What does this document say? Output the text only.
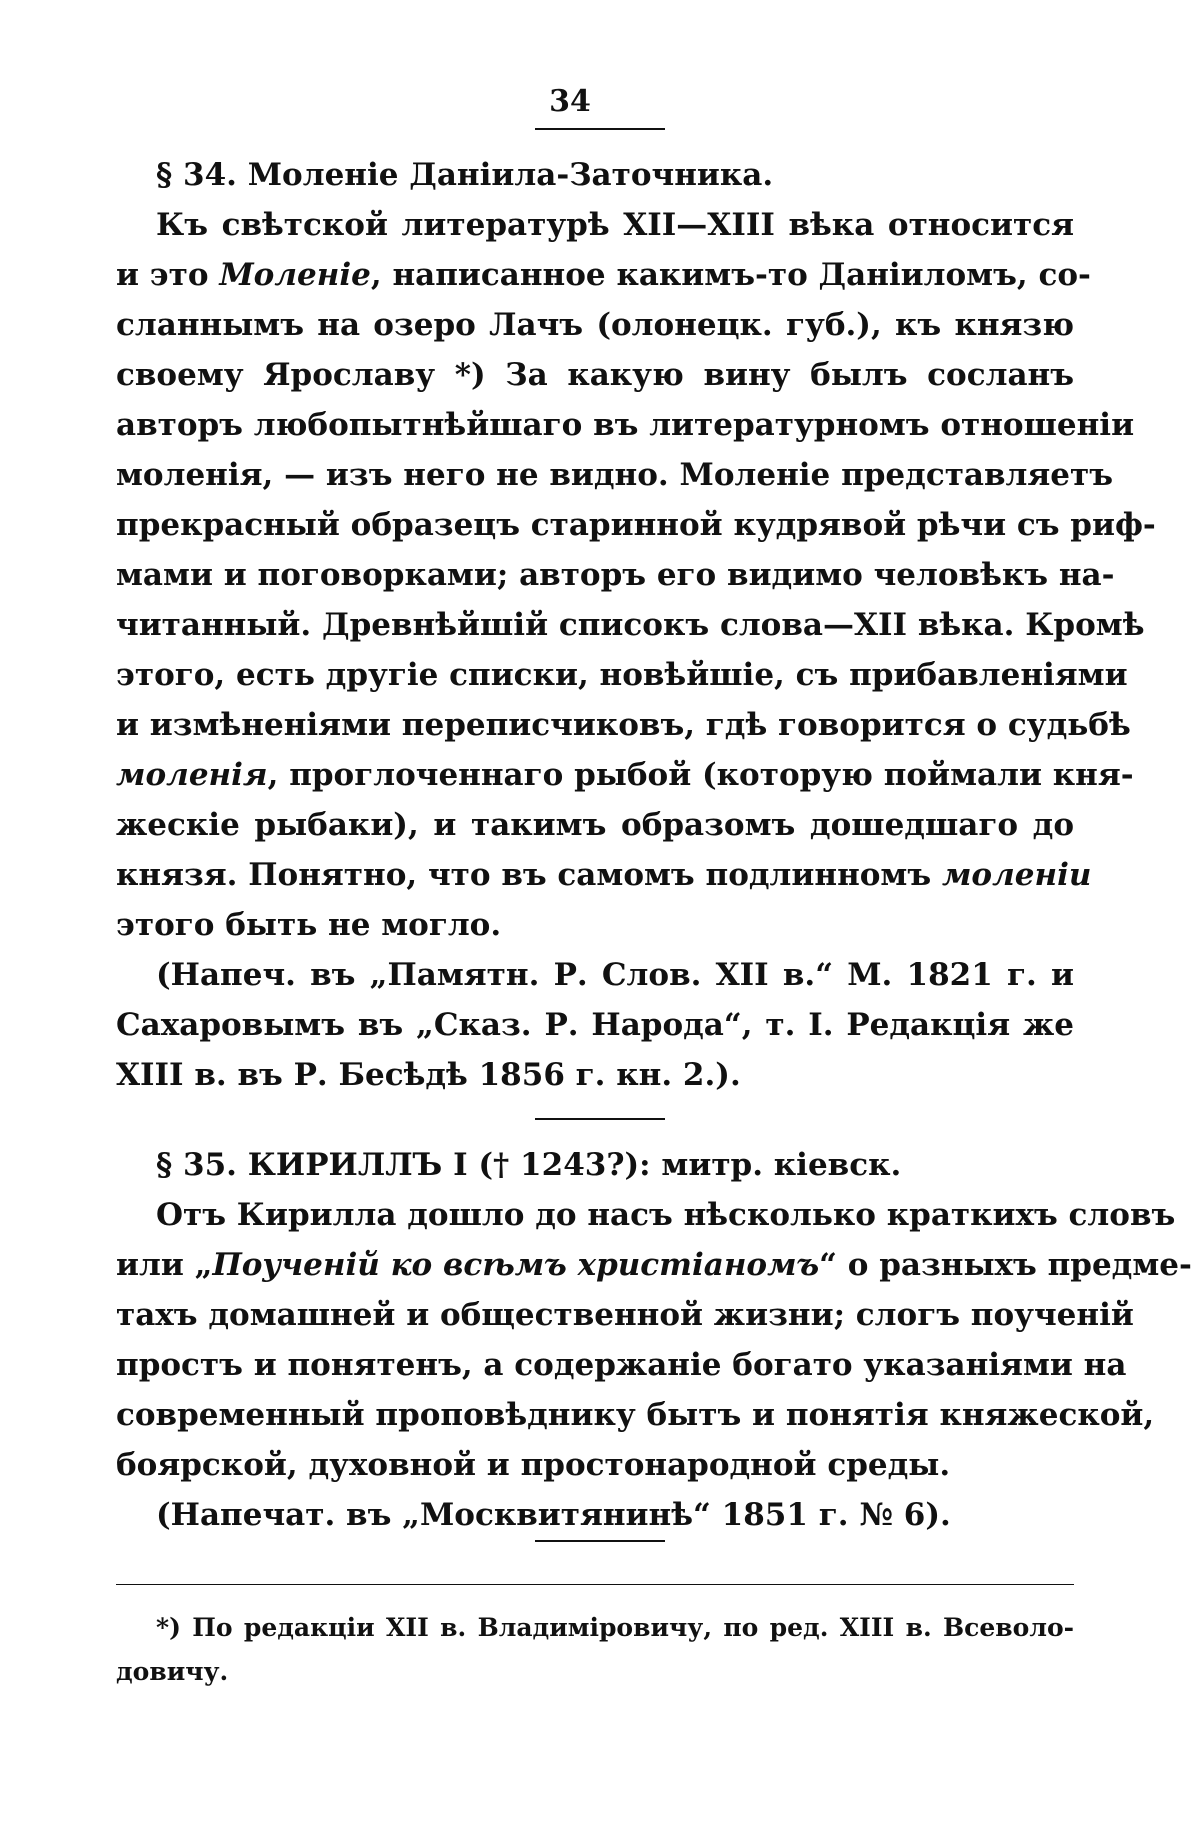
34
§ 34. Моленіе Даніила-Заточника.
Къ свѣтской литературѣ XII—XIII вѣка относится
и это Моленіе, написанное какимъ-то Даніиломъ, со-
сланнымъ на озеро Лачъ (олонецк. губ.), къ князю
своему Ярославу *) За какую вину былъ сосланъ
авторъ любопытнѣйшаго въ литературномъ отношеніи
моленія, — изъ него не видно. Моленіе представляетъ
прекрасный образецъ старинной кудрявой рѣчи съ риф-
мами и поговорками; авторъ его видимо человѣкъ на-
читанный. Древнѣйшій списокъ слова—XII вѣка. Кромѣ
этого, есть другіе списки, новѣйшіе, съ прибавленіями
и измѣненіями переписчиковъ, гдѣ говорится о судьбѣ
моленія, проглоченнаго рыбой (которую поймали кня-
жескіе рыбаки), и такимъ образомъ дошедшаго до
князя. Понятно, что въ самомъ подлинномъ моленіи
этого быть не могло.
(Напеч. въ „Памятн. Р. Слов. XII в.“ М. 1821 г. и
Сахаровымъ въ „Сказ. Р. Народа“, т. I. Редакція же
XIII в. въ Р. Бесѣдѣ 1856 г. кн. 2.).
§ 35. КИРИЛЛЪ I († 1243?): митр. кіевск.
Отъ Кирилла дошло до насъ нѣсколько краткихъ словъ
или „Поученій ко всѣмъ христіаномъ“ о разныхъ предме-
тахъ домашней и общественной жизни; слогъ поученій
простъ и понятенъ, а содержаніе богато указаніями на
современный проповѣднику бытъ и понятія княжеской,
боярской, духовной и простонародной среды.
(Напечат. въ „Москвитянинѣ“ 1851 г. № 6).
*) По редакціи XII в. Владиміровичу, по ред. XIII в. Всеволо-
довичу.
